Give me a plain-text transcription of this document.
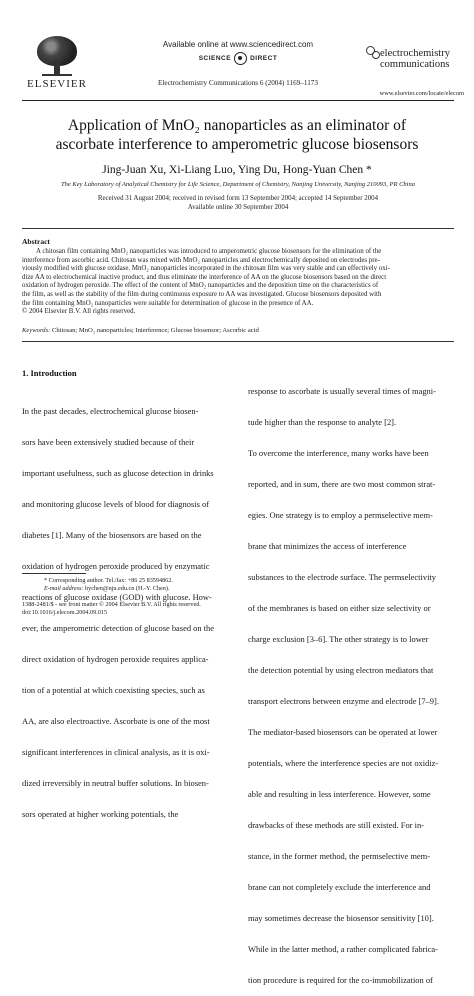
ELSEVIER
Available online at www.sciencedirect.com
SCIENCE	DIRECT
Electrochemistry Communications 6 (2004) 1169–1173
electrochemistry
communications
www.elsevier.com/locate/elecom
Application of MnO₂ nanoparticles as an eliminator of
ascorbate interference to amperometric glucose biosensors
Jing-Juan Xu, Xi-Liang Luo, Ying Du, Hong-Yuan Chen *
The Key Laboratory of Analytical Chemistry for Life Science, Department of Chemistry, Nanjing University, Nanjing 210093, PR China
Received 31 August 2004; received in revised form 13 September 2004; accepted 14 September 2004
Available online 30 September 2004
Abstract

A chitosan film containing MnO₂ nanoparticles was introduced to amperometric glucose biosensors for the elimination of the

interference from ascorbic acid. Chitosan was mixed with MnO₂ nanoparticles and electrochemically deposited on electrodes pre-

viously modified with glucose oxidase. MnO₂ nanoparticles incorporated in the chitosan film was very stable and can effectively oxi-

dize AA to electrochemical inactive product, and thus eliminate the interference of AA on the glucose biosensors based on the direct

oxidation of hydrogen peroxide. The effect of the content of MnO₂ nanoparticles and the deposition time on the characteristics of

the film, as well as the stability of the film during continuous exposure to AA was investigated. Glucose biosensors deposited with

the film containing MnO₂ nanoparticles were suitable for determination of glucose in the presence of AA.

© 2004 Elsevier B.V. All rights reserved.

Keywords: Chitosan; MnO₂ nanoparticles; Interference; Glucose biosensor; Ascorbic acid
1. Introduction

In the past decades, electrochemical glucose biosen-

sors have been extensively studied because of their

important usefulness, such as glucose detection in drinks

and monitoring glucose levels of blood for diagnosis of

diabetes [1]. Many of the biosensors are based on the

oxidation of hydrogen peroxide produced by enzymatic

reactions of glucose oxidase (GOD) with glucose. How-

ever, the amperometric detection of glucose based on the

direct oxidation of hydrogen peroxide requires applica-

tion of a potential at which coexisting species, such as

AA, are also electroactive. Ascorbate is one of the most

significant interferences in clinical analysis, as it is oxi-

dized irreversibly in neutral buffer solutions. In biosen-

sors operated at higher working potentials, the

response to ascorbate is usually several times of magni-

tude higher than the response to analyte [2].

To overcome the interference, many works have been

reported, and in sum, there are two most common strat-

egies. One strategy is to employ a permselective mem-

brane that minimizes the access of interference

substances to the electrode surface. The permselectivity

of the membranes is based on either size selectivity or

charge exclusion [3–6]. The other strategy is to lower

the detection potential by using electron mediators that

transport electrons between enzyme and electrode [7–9].

The mediator-based biosensors can be operated at lower

potentials, where the interference species are not oxidiz-

able and resulting in less interference. However, some

drawbacks of these methods are still existed. For in-

stance, in the former method, the permselective mem-

brane can not completely exclude the interference and

may sometimes decrease the biosensor sensitivity [10].

While in the latter method, a rather complicated fabrica-

tion procedure is required for the co-immobilization of

* Corresponding author. Tel./fax: +86 25 83594862.
E-mail address: hychen@nju.edu.cn (H.-Y. Chen).
1388-2481/$ - see front matter © 2004 Elsevier B.V. All rights reserved.
doi:10.1016/j.elecom.2004.09.015
